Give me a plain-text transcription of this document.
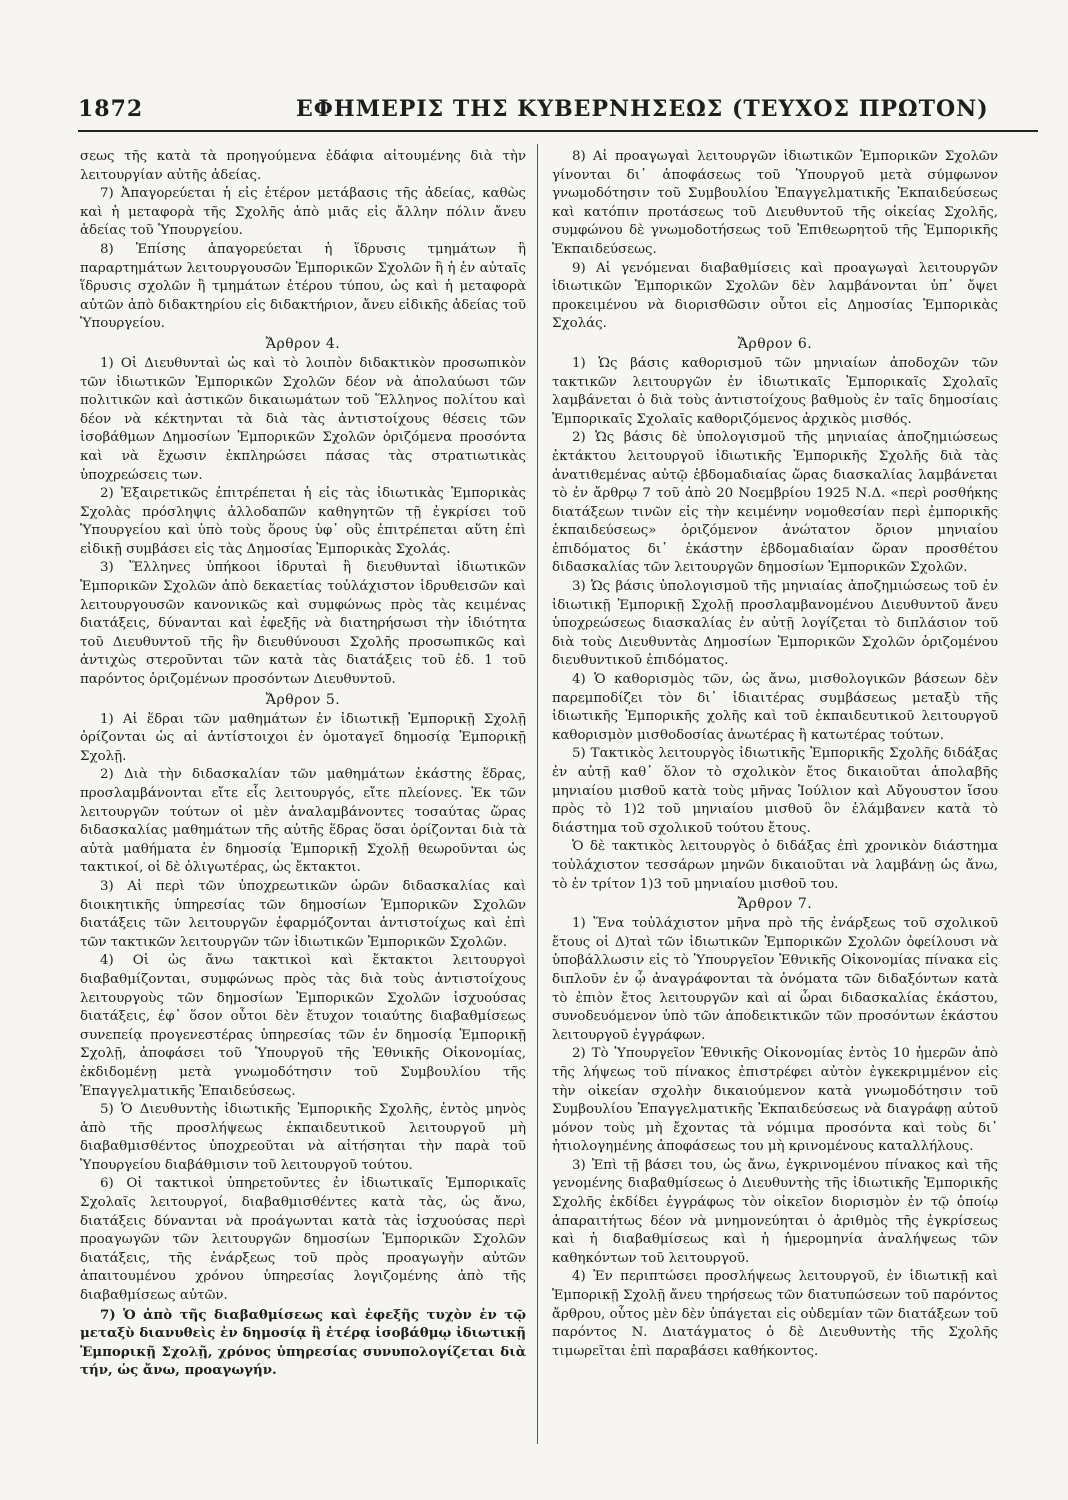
1872	ΕΦΗΜΕΡΙΣ ΤΗΣ ΚΥΒΕΡΝΗΣΕΩΣ (ΤΕΥΧΟΣ ΠΡΩΤΟΝ)

σεως τῆς κατὰ τὰ προηγούμενα ἐδάφια αἰτουμένης διὰ τὴν λειτουργίαν αὐτῆς ἀδείας.

7) Ἀπαγορεύεται ἡ εἰς ἑτέρον μετάβασις τῆς ἀδείας, καθὼς καὶ ἡ μεταφορὰ τῆς Σχολῆς ἀπὸ μιᾶς εἰς ἄλλην πόλιν ἄνευ ἀδείας τοῦ Ὑπουργείου.

8) Ἐπίσης ἀπαγορεύεται ἡ ἵδρυσις τμημάτων ἢ παραρτημάτων λειτουργουσῶν Ἐμπορικῶν Σχολῶν ἢ ἡ ἐν αὐταῖς ἵδρυσις σχολῶν ἢ τμημάτων ἑτέρου τύπου, ὡς καὶ ἡ μεταφορὰ αὐτῶν ἀπὸ διδακτηρίου εἰς διδακτήριον, ἄνευ εἰδικῆς ἀδείας τοῦ Ὑπουργείου.

Ἄρθρον 4.

1) Οἱ Διευθυνταὶ ὡς καὶ τὸ λοιπὸν διδακτικὸν προσωπικὸν τῶν ἰδιωτικῶν Ἐμπορικῶν Σχολῶν δέον νὰ ἀπολαύωσι τῶν πολιτικῶν καὶ ἀστικῶν δικαιωμάτων τοῦ Ἕλληνος πολίτου καὶ δέον νὰ κέκτηνται τὰ διὰ τὰς ἀντιστοίχους θέσεις τῶν ἰσοβάθμων Δημοσίων Ἐμπορικῶν Σχολῶν ὁριζόμενα προσόντα καὶ νὰ ἔχωσιν ἐκπληρώσει πάσας τὰς στρατιωτικὰς ὑποχρεώσεις των.

2) Ἐξαιρετικῶς ἐπιτρέπεται ἡ εἰς τὰς ἰδιωτικὰς Ἐμπορικὰς Σχολὰς πρόσληψις ἀλλοδαπῶν καθηγητῶν τῇ ἐγκρίσει τοῦ Ὑπουργείου καὶ ὑπὸ τοὺς ὅρους ὑφ᾽ οὓς ἐπιτρέπεται αὕτη ἐπὶ εἰδικῇ συμβάσει εἰς τὰς Δημοσίας Ἐμπορικὰς Σχολάς.

3) Ἕλληνες ὑπήκοοι ἱδρυταὶ ἢ διευθυνταὶ ἰδιωτικῶν Ἐμπορικῶν Σχολῶν ἀπὸ δεκαετίας τοὐλάχιστον ἱδρυθεισῶν καὶ λειτουργουσῶν κανονικῶς καὶ συμφώνως πρὸς τὰς κειμένας διατάξεις, δύνανται καὶ ἐφεξῆς νὰ διατηρήσωσι τὴν ἰδιότητα τοῦ Διευθυντοῦ τῆς ἣν διευθύνουσι Σχολῆς προσωπικῶς καὶ ἀντιχὼς στεροῦνται τῶν κατὰ τὰς διατάξεις τοῦ ἐδ. 1 τοῦ παρόντος ὁριζομένων προσόντων Διευθυντοῦ.

Ἄρθρον 5.

1) Αἱ ἕδραι τῶν μαθημάτων ἐν ἰδιωτικῇ Ἐμπορικῇ Σχολῇ ὁρίζονται ὡς αἱ ἀντίστοιχοι ἐν ὁμοταγεῖ δημοσίᾳ Ἐμπορικῇ Σχολῇ.

2) Διὰ τὴν διδασκαλίαν τῶν μαθημάτων ἑκάστης ἕδρας, προσλαμβάνονται εἴτε εἷς λειτουργός, εἴτε πλείονες. Ἐκ τῶν λειτουργῶν τούτων οἱ μὲν ἀναλαμβάνοντες τοσαύτας ὥρας διδασκαλίας μαθημάτων τῆς αὐτῆς ἕδρας ὅσαι ὁρίζονται διὰ τὰ αὐτὰ μαθήματα ἐν δημοσίᾳ Ἐμπορικῇ Σχολῇ θεωροῦνται ὡς τακτικοί, οἱ δὲ ὀλιγωτέρας, ὡς ἔκτακτοι.

3) Αἱ περὶ τῶν ὑποχρεωτικῶν ὡρῶν διδασκαλίας καὶ διοικητικῆς ὑπηρεσίας τῶν δημοσίων Ἐμπορικῶν Σχολῶν διατάξεις τῶν λειτουργῶν ἐφαρμόζονται ἀντιστοίχως καὶ ἐπὶ τῶν τακτικῶν λειτουργῶν τῶν ἰδιωτικῶν Ἐμπορικῶν Σχολῶν.

4) Οἱ ὡς ἄνω τακτικοὶ καὶ ἔκτακτοι λειτουργοὶ διαβαθμίζονται, συμφώνως πρὸς τὰς διὰ τοὺς ἀντιστοίχους λειτουργοὺς τῶν δημοσίων Ἐμπορικῶν Σχολῶν ἰσχυούσας διατάξεις, ἐφ᾽ ὅσον οὗτοι δὲν ἔτυχον τοιαύτης διαβαθμίσεως συνεπείᾳ προγενεστέρας ὑπηρεσίας τῶν ἐν δημοσίᾳ Ἐμπορικῇ Σχολῇ, ἀποφάσει τοῦ Ὑπουργοῦ τῆς Ἐθνικῆς Οἰκονομίας, ἐκδιδομένῃ μετὰ γνωμοδότησιν τοῦ Συμβουλίου τῆς Ἐπαγγελματικῆς Ἐπαιδεύσεως.

5) Ὁ Διευθυντὴς ἰδιωτικῆς Ἐμπορικῆς Σχολῆς, ἐντὸς μηνὸς ἀπὸ τῆς προσλήψεως ἐκπαιδευτικοῦ λειτουργοῦ μὴ διαβαθμισθέντος ὑποχρεοῦται νὰ αἰτήσηται τὴν παρὰ τοῦ Ὑπουργείου διαβάθμισιν τοῦ λειτουργοῦ τούτου.

6) Οἱ τακτικοὶ ὑπηρετοῦντες ἐν ἰδιωτικαῖς Ἐμπορικαῖς Σχολαῖς λειτουργοί, διαβαθμισθέντες κατὰ τὰς, ὡς ἄνω, διατάξεις δύνανται νὰ προάγωνται κατὰ τὰς ἰσχυούσας περὶ προαγωγῶν τῶν λειτουργῶν δημοσίων Ἐμπορικῶν Σχολῶν διατάξεις, τῆς ἐνάρξεως τοῦ πρὸς προαγωγὴν αὐτῶν ἀπαιτουμένου χρόνου ὑπηρεσίας λογιζομένης ἀπὸ τῆς διαβαθμίσεως αὐτῶν.

7) Ὁ ἀπὸ τῆς διαβαθμίσεως καὶ ἐφεξῆς τυχὸν ἐν τῷ μεταξὺ διανυθεὶς ἐν δημοσίᾳ ἢ ἑτέρᾳ ἰσοβάθμῳ ἰδιωτικῇ Ἐμπορικῇ Σχολῇ, χρόνος ὑπηρεσίας συνυπολογίζεται διὰ τήν, ὡς ἄνω, προαγωγήν.

8) Αἱ προαγωγαὶ λειτουργῶν ἰδιωτικῶν Ἐμπορικῶν Σχολῶν γίνονται δι᾽ ἀποφάσεως τοῦ Ὑπουργοῦ μετὰ σύμφωνον γνωμοδότησιν τοῦ Συμβουλίου Ἐπαγγελματικῆς Ἐκπαιδεύσεως καὶ κατόπιν προτάσεως τοῦ Διευθυντοῦ τῆς οἰκείας Σχολῆς, συμφώνου δὲ γνωμοδοτήσεως τοῦ Ἐπιθεωρητοῦ τῆς Ἐμπορικῆς Ἐκπαιδεύσεως.

9) Αἱ γενόμεναι διαβαθμίσεις καὶ προαγωγαὶ λειτουργῶν ἰδιωτικῶν Ἐμπορικῶν Σχολῶν δὲν λαμβάνονται ὑπ᾽ ὄψει προκειμένου νὰ διορισθῶσιν οὗτοι εἰς Δημοσίας Ἐμπορικὰς Σχολάς.

Ἄρθρον 6.

1) Ὡς βάσις καθορισμοῦ τῶν μηνιαίων ἀποδοχῶν τῶν τακτικῶν λειτουργῶν ἐν ἰδιωτικαῖς Ἐμπορικαῖς Σχολαῖς λαμβάνεται ὁ διὰ τοὺς ἀντιστοίχους βαθμοὺς ἐν ταῖς δημοσίαις Ἐμπορικαῖς Σχολαῖς καθοριζόμενος ἀρχικὸς μισθός.

2) Ὡς βάσις δὲ ὑπολογισμοῦ τῆς μηνιαίας ἀποζημιώσεως ἐκτάκτου λειτουργοῦ ἰδιωτικῆς Ἐμπορικῆς Σχολῆς διὰ τὰς ἀνατιθεμένας αὐτῷ ἑβδομαδιαίας ὥρας διασκαλίας λαμβάνεται τὸ ἐν ἄρθρῳ 7 τοῦ ἀπὸ 20 Νοεμβρίου 1925 Ν.Δ. «περὶ ροσθήκης διατάξεων τινῶν εἰς τὴν κειμένην νομοθεσίαν περὶ ἐμπορικῆς ἐκπαιδεύσεως» ὁριζόμενον ἀνώτατον ὅριον μηνιαίου ἐπιδόματος δι᾽ ἑκάστην ἑβδομαδιαίαν ὥραν προσθέτου διδασκαλίας τῶν λειτουργῶν δημοσίων Ἐμπορικῶν Σχολῶν.

3) Ὡς βάσις ὑπολογισμοῦ τῆς μηνιαίας ἀποζημιώσεως τοῦ ἐν ἰδιωτικῇ Ἐμπορικῇ Σχολῇ προσλαμβανομένου Διευθυντοῦ ἄνευ ὑποχρεώσεως διασκαλίας ἐν αὐτῇ λογίζεται τὸ διπλάσιον τοῦ διὰ τοὺς Διευθυντὰς Δημοσίων Ἐμπορικῶν Σχολῶν ὁριζομένου διευθυντικοῦ ἐπιδόματος.

4) Ὁ καθορισμὸς τῶν, ὡς ἄνω, μισθολογικῶν βάσεων δὲν παρεμποδίζει τὸν δι᾽ ἰδιαιτέρας συμβάσεως μεταξὺ τῆς ἰδιωτικῆς Ἐμπορικῆς χολῆς καὶ τοῦ ἐκπαιδευτικοῦ λειτουργοῦ καθορισμὸν μισθοδοσίας ἀνωτέρας ἢ κατωτέρας τούτων.

5) Τακτικὸς λειτουργὸς ἰδιωτικῆς Ἐμπορικῆς Σχολῆς διδάξας ἐν αὐτῇ καθ᾽ ὅλον τὸ σχολικὸν ἔτος δικαιοῦται ἀπολαβῆς μηνιαίου μισθοῦ κατὰ τοὺς μῆνας Ἰούλιον καὶ Αὔγουστον ἴσου πρὸς τὸ 1)2 τοῦ μηνιαίου μισθοῦ ὃν ἐλάμβανεν κατὰ τὸ διάστημα τοῦ σχολικοῦ τούτου ἔτους.

Ὁ δὲ τακτικὸς λειτουργὸς ὁ διδάξας ἐπὶ χρονικὸν διάστημα τοὐλάχιστον τεσσάρων μηνῶν δικαιοῦται νὰ λαμβάνῃ ὡς ἄνω, τὸ ἐν τρίτον 1)3 τοῦ μηνιαίου μισθοῦ του.

Ἄρθρον 7.

1) Ἕνα τοὐλάχιστον μῆνα πρὸ τῆς ἐνάρξεως τοῦ σχολικοῦ ἔτους οἱ Δ)ταὶ τῶν ἰδιωτικῶν Ἐμπορικῶν Σχολῶν ὀφείλουσι νὰ ὑποβάλλωσιν εἰς τὸ Ὑπουργεῖον Ἐθνικῆς Οἰκονομίας πίνακα εἰς διπλοῦν ἐν ᾧ ἀναγράφονται τὰ ὀνόματα τῶν διδαξόντων κατὰ τὸ ἐπιὸν ἔτος λειτουργῶν καὶ αἱ ὧραι διδασκαλίας ἑκάστου, συνοδευόμενον ὑπὸ τῶν ἀποδεικτικῶν τῶν προσόντων ἑκάστου λειτουργοῦ ἐγγράφων.

2) Τὸ Ὑπουργεῖον Ἐθνικῆς Οἰκονομίας ἐντὸς 10 ἡμερῶν ἀπὸ τῆς λήψεως τοῦ πίνακος ἐπιστρέφει αὐτὸν ἐγκεκριμμένον εἰς τὴν οἰκείαν σχολὴν δικαιούμενον κατὰ γνωμοδότησιν τοῦ Συμβουλίου Ἐπαγγελματικῆς Ἐκπαιδεύσεως νὰ διαγράφῃ αὐτοῦ μόνον τοὺς μὴ ἔχοντας τὰ νόμιμα προσόντα καὶ τοὺς δι᾽ ἠτιολογημένης ἀποφάσεως του μὴ κρινομένους καταλλήλους.

3) Ἐπὶ τῇ βάσει του, ὡς ἄνω, ἐγκρινομένου πίνακος καὶ τῆς γενομένης διαβαθμίσεως ὁ Διευθυντὴς τῆς ἰδιωτικῆς Ἐμπορικῆς Σχολῆς ἐκδίδει ἐγγράφως τὸν οἰκεῖον διορισμὸν ἐν τῷ ὁποίῳ ἀπαραιτήτως δέον νὰ μνημονεύηται ὁ ἀριθμὸς τῆς ἐγκρίσεως καὶ ἡ διαβαθμίσεως καὶ ἡ ἡμερομηνία ἀναλήψεως τῶν καθηκόντων τοῦ λειτουργοῦ.

4) Ἐν περιπτώσει προσλήψεως λειτουργοῦ, ἐν ἰδιωτικῇ καὶ Ἐμπορικῇ Σχολῇ ἄνευ τηρήσεως τῶν διατυπώσεων τοῦ παρόντος ἄρθρου, οὗτος μὲν δὲν ὑπάγεται εἰς οὐδεμίαν τῶν διατάξεων τοῦ παρόντος Ν. Διατάγματος ὁ δὲ Διευθυντὴς τῆς Σχολῆς τιμωρεῖται ἐπὶ παραβάσει καθήκοντος.
